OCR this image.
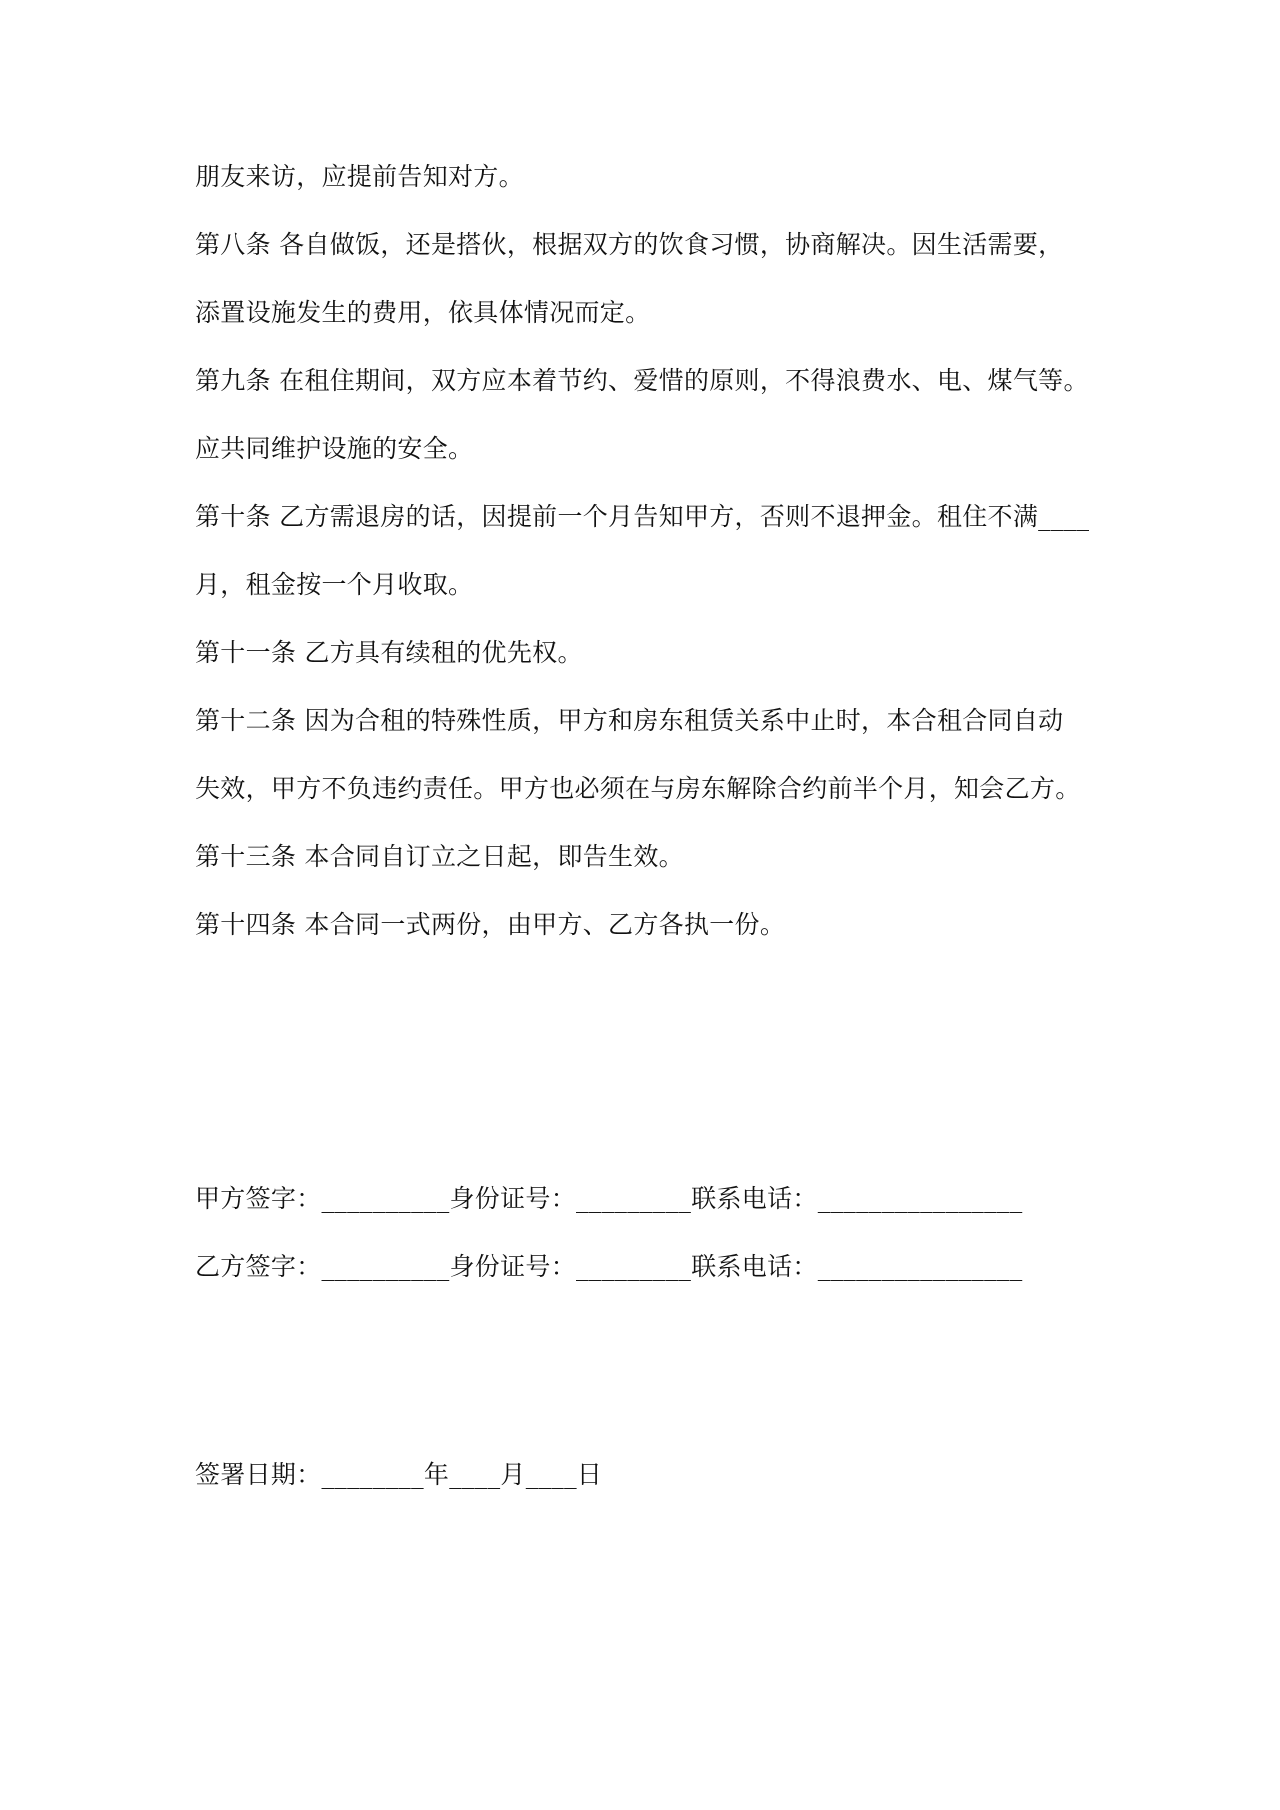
朋友来访，应提前告知对方。
第八条 各自做饭，还是搭伙，根据双方的饮食习惯，协商解决。因生活需要，
添置设施发生的费用，依具体情况而定。
第九条 在租住期间，双方应本着节约、爱惜的原则，不得浪费水、电、煤气等。
应共同维护设施的安全。
第十条 乙方需退房的话，因提前一个月告知甲方，否则不退押金。租住不满____
月，租金按一个月收取。
第十一条 乙方具有续租的优先权。
第十二条 因为合租的特殊性质，甲方和房东租赁关系中止时，本合租合同自动
失效，甲方不负违约责任。甲方也必须在与房东解除合约前半个月，知会乙方。
第十三条 本合同自订立之日起，即告生效。
第十四条 本合同一式两份，由甲方、乙方各执一份。
甲方签字：__________身份证号：_________联系电话：________________
乙方签字：__________身份证号：_________联系电话：________________
签署日期：________年____月____日
